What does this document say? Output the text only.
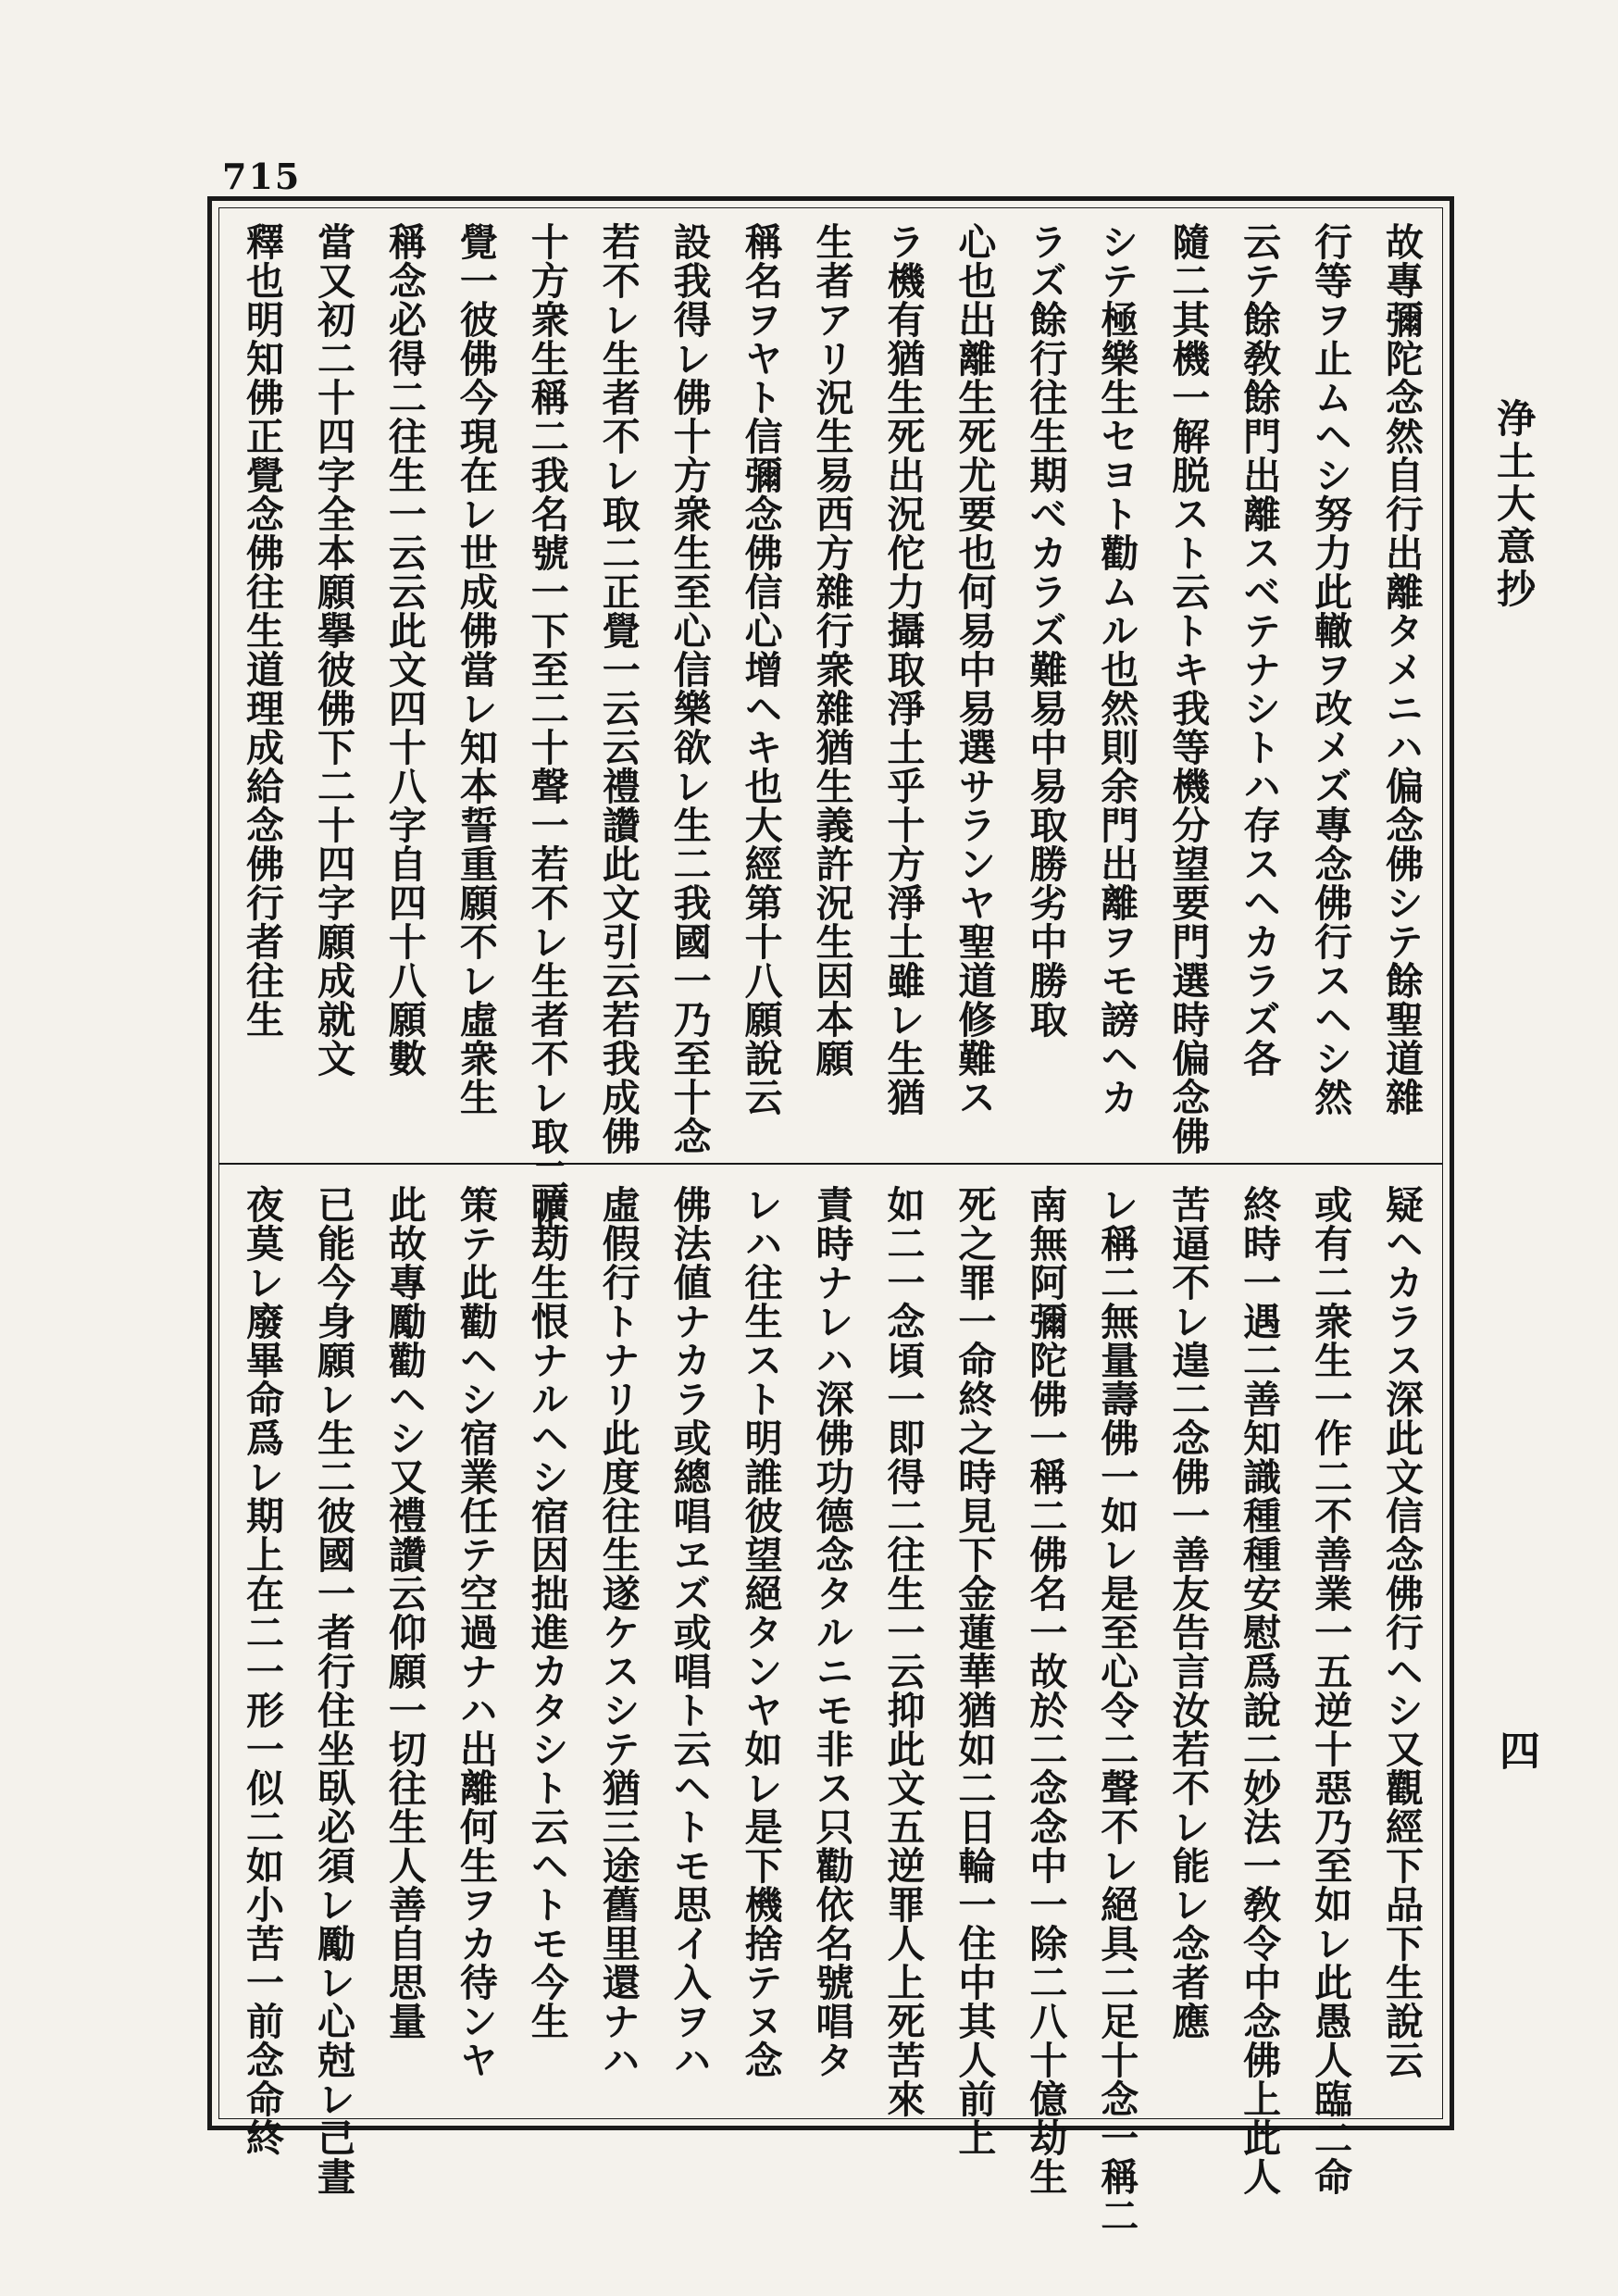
715
故專彌陀念然自行出離タメニハ偏念佛シテ餘聖道雜
行等ヲ止ムヘシ努力此轍ヲ改メズ專念佛行スヘシ然
云テ餘敎餘門出離スベテナシトハ存スヘカラズ各
隨二其機一解脱スト云トキ我等機分望要門選時偏念佛
シテ極樂生セヨト勸ムル也然則余門出離ヲモ謗ヘカ
ラズ餘行往生期べカラズ難易中易取勝劣中勝取
心也出離生死尤要也何易中易選サランヤ聖道修難ス
ラ機有猶生死出況佗力攝取淨土乎十方淨土雖レ生猶
生者アリ況生易西方雜行衆雜猶生義許況生因本願
稱名ヲヤト信彌念佛信心增ヘキ也大經第十八願說云
設我得レ佛十方衆生至心信樂欲レ生二我國一乃至十念
若不レ生者不レ取二正覺一云云禮讚此文引云若我成佛
十方衆生稱二我名號一下至二十聲一若不レ生者不レ取二正
覺一彼佛今現在レ世成佛當レ知本誓重願不レ虛衆生
稱念必得二往生一云云此文四十八字自四十八願數
當又初二十四字全本願擧彼佛下二十四字願成就文
釋也明知佛正覺念佛往生道理成給念佛行者往生
疑ヘカラス深此文信念佛行ヘシ又觀經下品下生說云
或有二衆生一作二不善業一五逆十惡乃至如レ此愚人臨二命
終時一遇二善知識種種安慰爲說二妙法一敎令中念佛上此人
苦逼不レ遑二念佛一善友告言汝若不レ能レ念者應
レ稱二無量壽佛一如レ是至心令二聲不レ絕具二足十念一稱二
南無阿彌陀佛一稱二佛名一故於二念念中一除二八十億劫生
死之罪一命終之時見下金蓮華猶如二日輪一住中其人前上
如二一念頃一即得二往生一云抑此文五逆罪人上死苦來
責時ナレハ深佛功德念タルニモ非ス只勸依名號唱タ
レハ往生スト明誰彼望絕タンヤ如レ是下機捨テヌ念
佛法値ナカラ或總唱ヱズ或唱ト云ヘトモ思イ入ヲハ
虛假行トナリ此度往生遂ケスシテ猶三途舊里還ナハ
曠劫生恨ナルヘシ宿因拙進カタシト云ヘトモ今生
策テ此勸ヘシ宿業任テ空過ナハ出離何生ヲカ待ンヤ
此故專勵勸ヘシ又禮讚云仰願一切往生人善自思量
已能今身願レ生二彼國一者行住坐臥必須レ勵レ心尅レ己晝
夜莫レ廢畢命爲レ期上在二一形一似二如小苦一前念命終
浄土大意抄
四
